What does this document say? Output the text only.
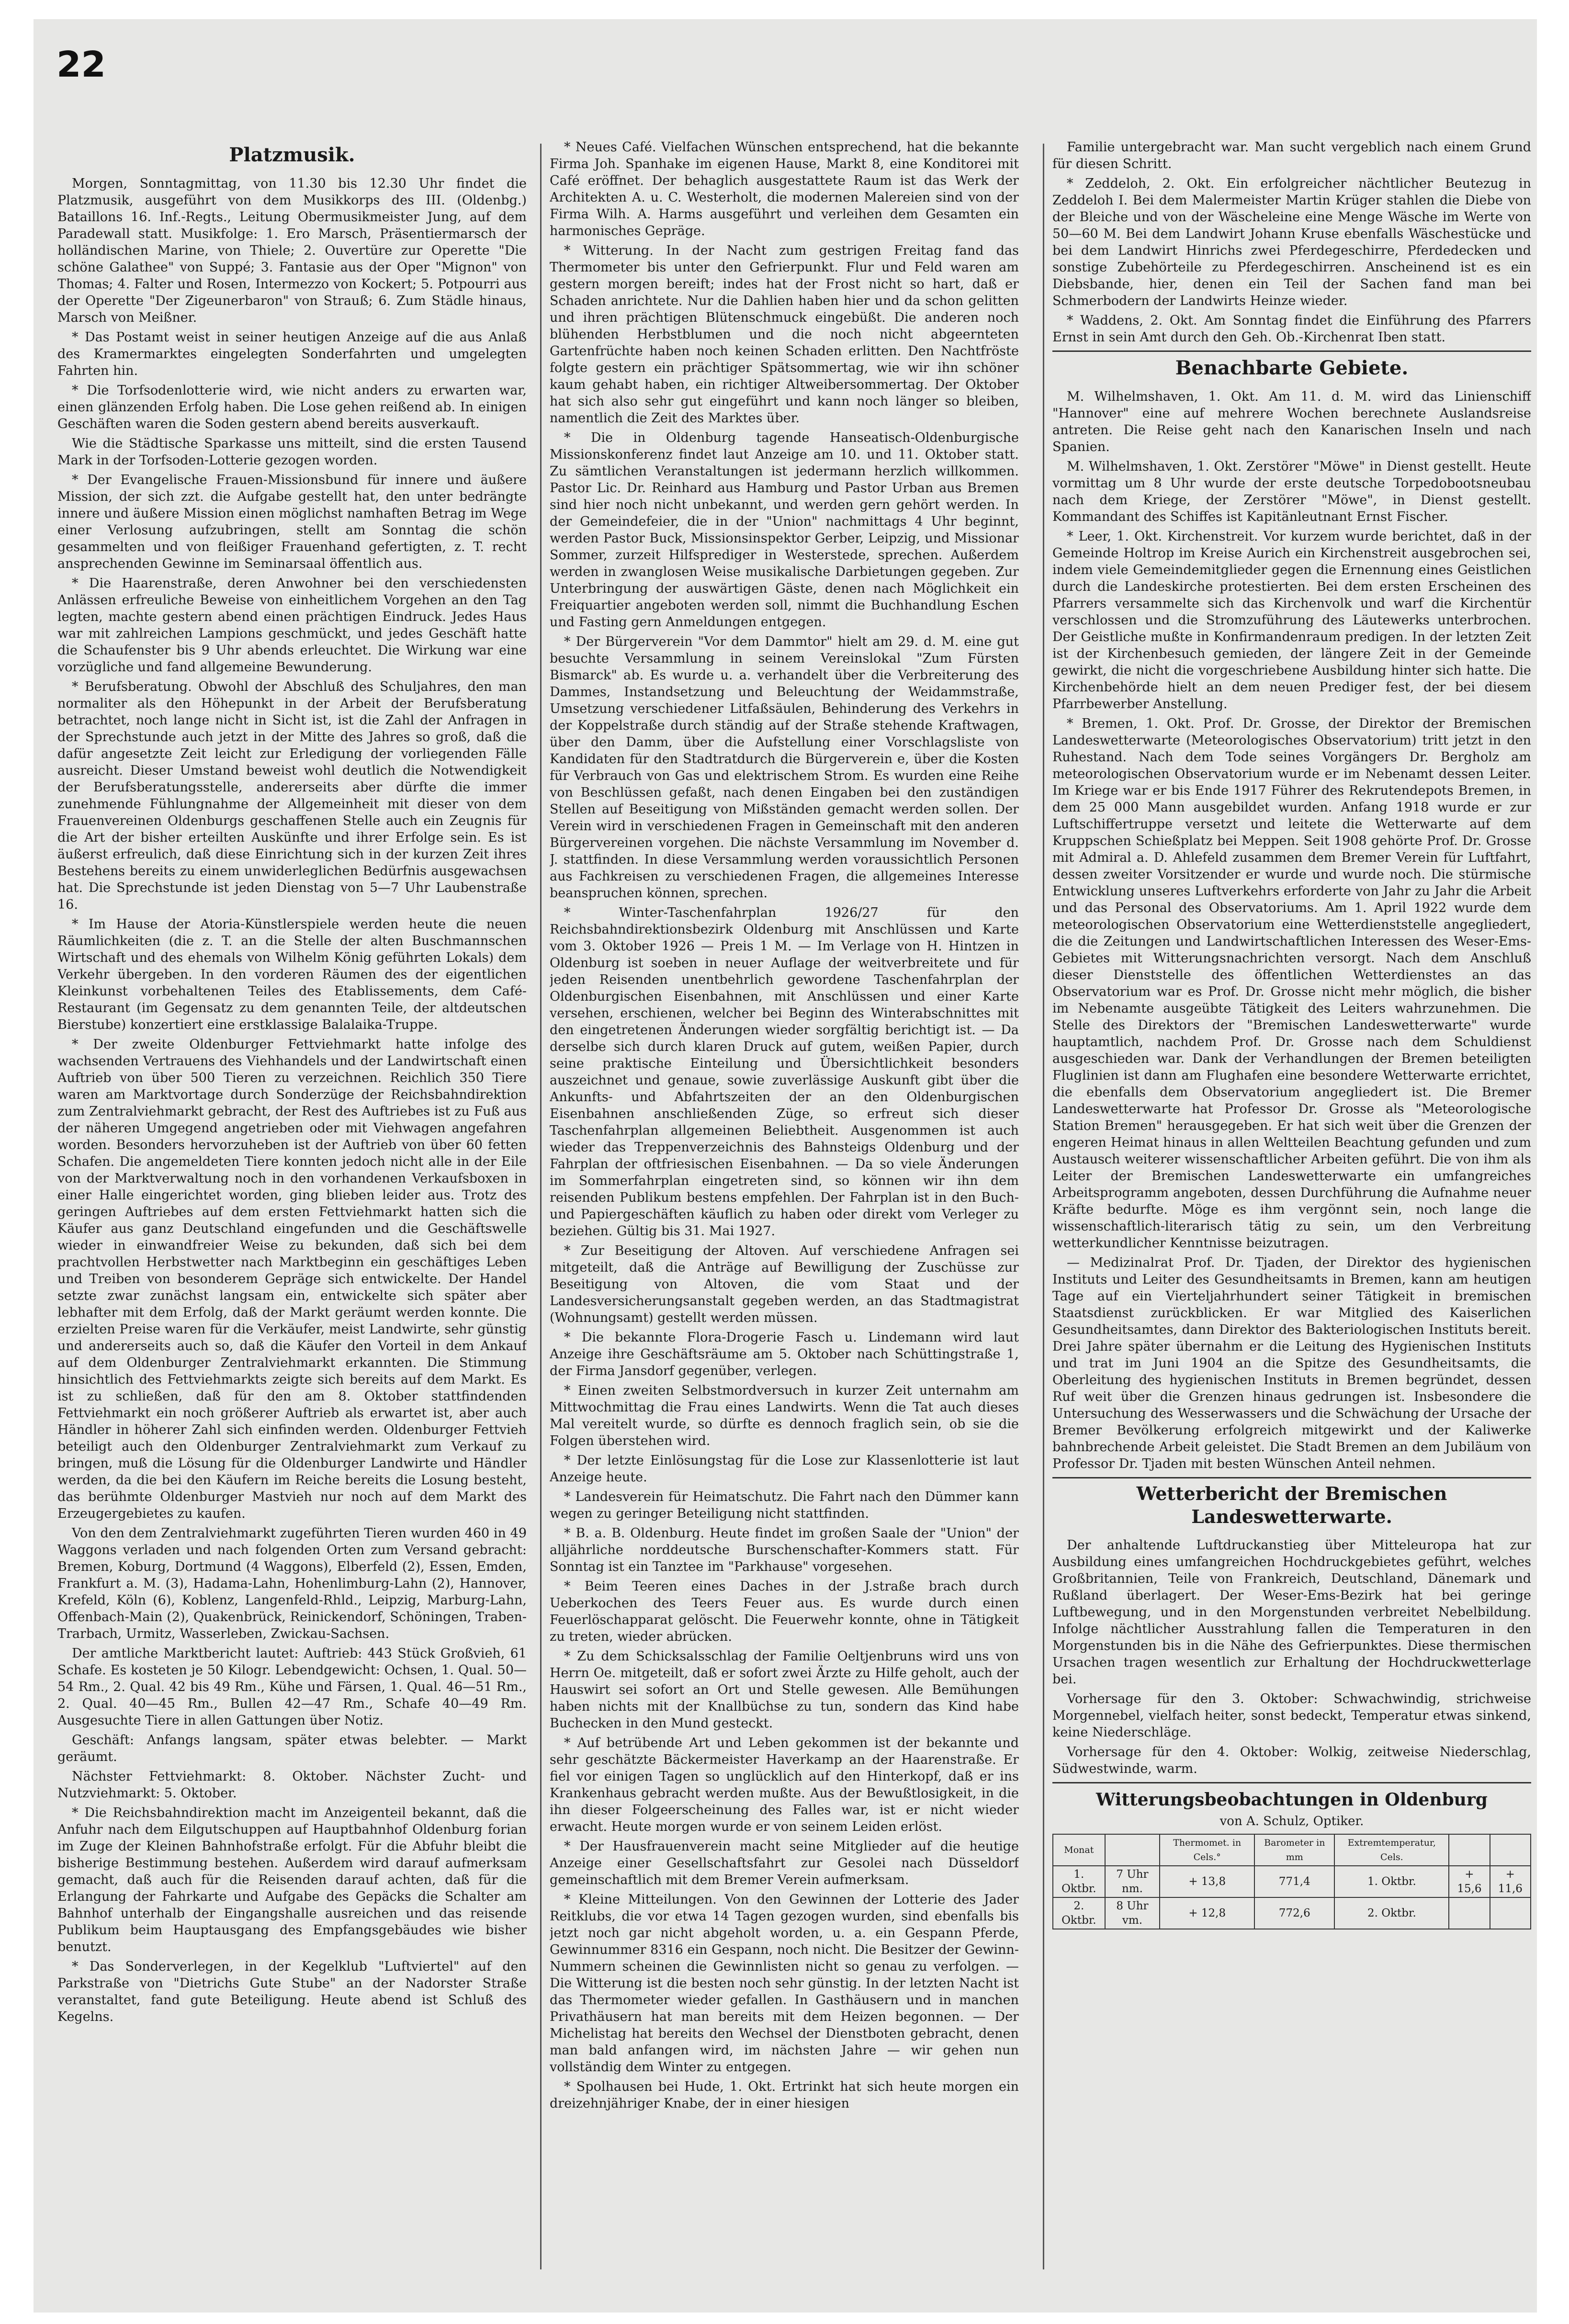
22
Platzmusik.

Morgen, Sonntagmittag, von 11.30 bis 12.30 Uhr findet die Platzmusik, ausgeführt von dem Musikkorps des III. (Oldenbg.) Bataillons 16. Inf.-Regts., Leitung Obermusikmeister Jung, auf dem Paradewall statt. Musikfolge: 1. Ero Marsch, Präsentiermarsch der holländischen Marine, von Thiele; 2. Ouvertüre zur Operette "Die schöne Galathee" von Suppé; 3. Fantasie aus der Oper "Mignon" von Thomas; 4. Falter und Rosen, Intermezzo von Kockert; 5. Potpourri aus der Operette "Der Zigeunerbaron" von Strauß; 6. Zum Städle hinaus, Marsch von Meißner.

* Das Postamt weist in seiner heutigen Anzeige auf die aus Anlaß des Kramermarktes eingelegten Sonderfahrten und umgelegten Fahrten hin.

* Die Torfsodenlotterie wird, wie nicht anders zu erwarten war, einen glänzenden Erfolg haben. Die Lose gehen reißend ab. In einigen Geschäften waren die Soden gestern abend bereits ausverkauft.

Wie die Städtische Sparkasse uns mitteilt, sind die ersten Tausend Mark in der Torfsoden-Lotterie gezogen worden.

* Der Evangelische Frauen-Missionsbund für innere und äußere Mission, der sich zzt. die Aufgabe gestellt hat, den unter bedrängte innere und äußere Mission einen möglichst namhaften Betrag im Wege einer Verlosung aufzubringen, stellt am Sonntag die schön gesammelten und von fleißiger Frauenhand gefertigten, z. T. recht ansprechenden Gewinne im Seminarsaal öffentlich aus.

* Die Haarenstraße, deren Anwohner bei den verschiedensten Anlässen erfreuliche Beweise von einheitlichem Vorgehen an den Tag legten, machte gestern abend einen prächtigen Eindruck. Jedes Haus war mit zahlreichen Lampions geschmückt, und jedes Geschäft hatte die Schaufenster bis 9 Uhr abends erleuchtet. Die Wirkung war eine vorzügliche und fand allgemeine Bewunderung.

* Berufsberatung. Obwohl der Abschluß des Schuljahres, den man normaliter als den Höhepunkt in der Arbeit der Berufsberatung betrachtet, noch lange nicht in Sicht ist, ist die Zahl der Anfragen in der Sprechstunde auch jetzt in der Mitte des Jahres so groß, daß die dafür angesetzte Zeit leicht zur Erledigung der vorliegenden Fälle ausreicht. Dieser Umstand beweist wohl deutlich die Notwendigkeit der Berufsberatungsstelle, andererseits aber dürfte die immer zunehmende Fühlungnahme der Allgemeinheit mit dieser von dem Frauenvereinen Oldenburgs geschaffenen Stelle auch ein Zeugnis für die Art der bisher erteilten Auskünfte und ihrer Erfolge sein. Es ist äußerst erfreulich, daß diese Einrichtung sich in der kurzen Zeit ihres Bestehens bereits zu einem unwiderleglichen Bedürfnis ausgewachsen hat. Die Sprechstunde ist jeden Dienstag von 5—7 Uhr Laubenstraße 16.

* Im Hause der Atoria-Künstlerspiele werden heute die neuen Räumlichkeiten (die z. T. an die Stelle der alten Buschmannschen Wirtschaft und des ehemals von Wilhelm König geführten Lokals) dem Verkehr übergeben. In den vorderen Räumen des der eigentlichen Kleinkunst vorbehaltenen Teiles des Etablissements, dem Café-Restaurant (im Gegensatz zu dem genannten Teile, der altdeutschen Bierstube) konzertiert eine erstklassige Balalaika-Truppe.

* Der zweite Oldenburger Fettviehmarkt hatte infolge des wachsenden Vertrauens des Viehhandels und der Landwirtschaft einen Auftrieb von über 500 Tieren zu verzeichnen. Reichlich 350 Tiere waren am Marktvortage durch Sonderzüge der Reichsbahndirektion zum Zentralviehmarkt gebracht, der Rest des Auftriebes ist zu Fuß aus der näheren Umgegend angetrieben oder mit Viehwagen angefahren worden. Besonders hervorzuheben ist der Auftrieb von über 60 fetten Schafen. Die angemeldeten Tiere konnten jedoch nicht alle in der Eile von der Marktverwaltung noch in den vorhandenen Verkaufsboxen in einer Halle eingerichtet worden, ging blieben leider aus. Trotz des geringen Auftriebes auf dem ersten Fettviehmarkt hatten sich die Käufer aus ganz Deutschland eingefunden und die Geschäftswelle wieder in einwandfreier Weise zu bekunden, daß sich bei dem prachtvollen Herbstwetter nach Marktbeginn ein geschäftiges Leben und Treiben von besonderem Gepräge sich entwickelte. Der Handel setzte zwar zunächst langsam ein, entwickelte sich später aber lebhafter mit dem Erfolg, daß der Markt geräumt werden konnte. Die erzielten Preise waren für die Verkäufer, meist Landwirte, sehr günstig und andererseits auch so, daß die Käufer den Vorteil in dem Ankauf auf dem Oldenburger Zentralviehmarkt erkannten. Die Stimmung hinsichtlich des Fettviehmarkts zeigte sich bereits auf dem Markt. Es ist zu schließen, daß für den am 8. Oktober stattfindenden Fettviehmarkt ein noch größerer Auftrieb als erwartet ist, aber auch Händler in höherer Zahl sich einfinden werden. Oldenburger Fettvieh beteiligt auch den Oldenburger Zentralviehmarkt zum Verkauf zu bringen, muß die Lösung für die Oldenburger Landwirte und Händler werden, da die bei den Käufern im Reiche bereits die Losung besteht, das berühmte Oldenburger Mastvieh nur noch auf dem Markt des Erzeugergebietes zu kaufen.

Von den dem Zentralviehmarkt zugeführten Tieren wurden 460 in 49 Waggons verladen und nach folgenden Orten zum Versand gebracht: Bremen, Koburg, Dortmund (4 Waggons), Elberfeld (2), Essen, Emden, Frankfurt a. M. (3), Hadama-Lahn, Hohenlimburg-Lahn (2), Hannover, Krefeld, Köln (6), Koblenz, Langenfeld-Rhld., Leipzig, Marburg-Lahn, Offenbach-Main (2), Quakenbrück, Reinickendorf, Schöningen, Traben-Trarbach, Urmitz, Wasserleben, Zwickau-Sachsen.

Der amtliche Marktbericht lautet: Auftrieb: 443 Stück Großvieh, 61 Schafe. Es kosteten je 50 Kilogr. Lebendgewicht: Ochsen, 1. Qual. 50—54 Rm., 2. Qual. 42 bis 49 Rm., Kühe und Färsen, 1. Qual. 46—51 Rm., 2. Qual. 40—45 Rm., Bullen 42—47 Rm., Schafe 40—49 Rm. Ausgesuchte Tiere in allen Gattungen über Notiz.

Geschäft: Anfangs langsam, später etwas belebter. — Markt geräumt.

Nächster Fettviehmarkt: 8. Oktober. Nächster Zucht- und Nutzviehmarkt: 5. Oktober.

* Die Reichsbahndirektion macht im Anzeigenteil bekannt, daß die Anfuhr nach dem Eilgutschuppen auf Hauptbahnhof Oldenburg forian im Zuge der Kleinen Bahnhofstraße erfolgt. Für die Abfuhr bleibt die bisherige Bestimmung bestehen. Außerdem wird darauf aufmerksam gemacht, daß auch für die Reisenden darauf achten, daß für die Erlangung der Fahrkarte und Aufgabe des Gepäcks die Schalter am Bahnhof unterhalb der Eingangshalle ausreichen und das reisende Publikum beim Hauptausgang des Empfangsgebäudes wie bisher benutzt.

* Das Sonderverlegen, in der Kegelklub "Luftviertel" auf den Parkstraße von "Dietrichs Gute Stube" an der Nadorster Straße veranstaltet, fand gute Beteiligung. Heute abend ist Schluß des Kegelns.

* Neues Café. Vielfachen Wünschen entsprechend, hat die bekannte Firma Joh. Spanhake im eigenen Hause, Markt 8, eine Konditorei mit Café eröffnet. Der behaglich ausgestattete Raum ist das Werk der Architekten A. u. C. Westerholt, die modernen Malereien sind von der Firma Wilh. A. Harms ausgeführt und verleihen dem Gesamten ein harmonisches Gepräge.

* Witterung. In der Nacht zum gestrigen Freitag fand das Thermometer bis unter den Gefrierpunkt. Flur und Feld waren am gestern morgen bereift; indes hat der Frost nicht so hart, daß er Schaden anrichtete. Nur die Dahlien haben hier und da schon gelitten und ihren prächtigen Blütenschmuck eingebüßt. Die anderen noch blühenden Herbstblumen und die noch nicht abgeernteten Gartenfrüchte haben noch keinen Schaden erlitten. Den Nachtfröste folgte gestern ein prächtiger Spätsommertag, wie wir ihn schöner kaum gehabt haben, ein richtiger Altweibersommertag. Der Oktober hat sich also sehr gut eingeführt und kann noch länger so bleiben, namentlich die Zeit des Marktes über.

* Die in Oldenburg tagende Hanseatisch-Oldenburgische Missionskonferenz findet laut Anzeige am 10. und 11. Oktober statt. Zu sämtlichen Veranstaltungen ist jedermann herzlich willkommen. Pastor Lic. Dr. Reinhard aus Hamburg und Pastor Urban aus Bremen sind hier noch nicht unbekannt, und werden gern gehört werden. In der Gemeindefeier, die in der "Union" nachmittags 4 Uhr beginnt, werden Pastor Buck, Missionsinspektor Gerber, Leipzig, und Missionar Sommer, zurzeit Hilfsprediger in Westerstede, sprechen. Außerdem werden in zwanglosen Weise musikalische Darbietungen gegeben. Zur Unterbringung der auswärtigen Gäste, denen nach Möglichkeit ein Freiquartier angeboten werden soll, nimmt die Buchhandlung Eschen und Fasting gern Anmeldungen entgegen.

* Der Bürgerverein "Vor dem Dammtor" hielt am 29. d. M. eine gut besuchte Versammlung in seinem Vereinslokal "Zum Fürsten Bismarck" ab. Es wurde u. a. verhandelt über die Verbreiterung des Dammes, Instandsetzung und Beleuchtung der Weidammstraße, Umsetzung verschiedener Litfaßsäulen, Behinderung des Verkehrs in der Koppelstraße durch ständig auf der Straße stehende Kraftwagen, über den Damm, über die Aufstellung einer Vorschlagsliste von Kandidaten für den Stadtratdurch die Bürgerverein e, über die Kosten für Verbrauch von Gas und elektrischem Strom. Es wurden eine Reihe von Beschlüssen gefaßt, nach denen Eingaben bei den zuständigen Stellen auf Beseitigung von Mißständen gemacht werden sollen. Der Verein wird in verschiedenen Fragen in Gemeinschaft mit den anderen Bürgervereinen vorgehen. Die nächste Versammlung im November d. J. stattfinden. In diese Versammlung werden voraussichtlich Personen aus Fachkreisen zu verschiedenen Fragen, die allgemeines Interesse beanspruchen können, sprechen.

* Winter-Taschenfahrplan 1926/27 für den Reichsbahndirektionsbezirk Oldenburg mit Anschlüssen und Karte vom 3. Oktober 1926 — Preis 1 M. — Im Verlage von H. Hintzen in Oldenburg ist soeben in neuer Auflage der weitverbreitete und für jeden Reisenden unentbehrlich gewordene Taschenfahrplan der Oldenburgischen Eisenbahnen, mit Anschlüssen und einer Karte versehen, erschienen, welcher bei Beginn des Winterabschnittes mit den eingetretenen Änderungen wieder sorgfältig berichtigt ist. — Da derselbe sich durch klaren Druck auf gutem, weißen Papier, durch seine praktische Einteilung und Übersichtlichkeit besonders auszeichnet und genaue, sowie zuverlässige Auskunft gibt über die Ankunfts- und Abfahrtszeiten der an den Oldenburgischen Eisenbahnen anschließenden Züge, so erfreut sich dieser Taschenfahrplan allgemeinen Beliebtheit. Ausgenommen ist auch wieder das Treppenverzeichnis des Bahnsteigs Oldenburg und der Fahrplan der oftfriesischen Eisenbahnen. — Da so viele Änderungen im Sommerfahrplan eingetreten sind, so können wir ihn dem reisenden Publikum bestens empfehlen. Der Fahrplan ist in den Buch- und Papiergeschäften käuflich zu haben oder direkt vom Verleger zu beziehen. Gültig bis 31. Mai 1927.

* Zur Beseitigung der Altoven. Auf verschiedene Anfragen sei mitgeteilt, daß die Anträge auf Bewilligung der Zuschüsse zur Beseitigung von Altoven, die vom Staat und der Landesversicherungsanstalt gegeben werden, an das Stadtmagistrat (Wohnungsamt) gestellt werden müssen.

* Die bekannte Flora-Drogerie Fasch u. Lindemann wird laut Anzeige ihre Geschäftsräume am 5. Oktober nach Schüttingstraße 1, der Firma Jansdorf gegenüber, verlegen.

* Einen zweiten Selbstmordversuch in kurzer Zeit unternahm am Mittwochmittag die Frau eines Landwirts. Wenn die Tat auch dieses Mal vereitelt wurde, so dürfte es dennoch fraglich sein, ob sie die Folgen überstehen wird.

* Der letzte Einlösungstag für die Lose zur Klassenlotterie ist laut Anzeige heute.

* Landesverein für Heimatschutz. Die Fahrt nach den Dümmer kann wegen zu geringer Beteiligung nicht stattfinden.

* B. a. B. Oldenburg. Heute findet im großen Saale der "Union" der alljährliche norddeutsche Burschenschafter-Kommers statt. Für Sonntag ist ein Tanztee im "Parkhause" vorgesehen.

* Beim Teeren eines Daches in der J.straße brach durch Ueberkochen des Teers Feuer aus. Es wurde durch einen Feuerlöschapparat gelöscht. Die Feuerwehr konnte, ohne in Tätigkeit zu treten, wieder abrücken.

* Zu dem Schicksalsschlag der Familie Oeltjenbruns wird uns von Herrn Oe. mitgeteilt, daß er sofort zwei Ärzte zu Hilfe geholt, auch der Hauswirt sei sofort an Ort und Stelle gewesen. Alle Bemühungen haben nichts mit der Knallbüchse zu tun, sondern das Kind habe Buchecken in den Mund gesteckt.

* Auf betrübende Art und Leben gekommen ist der bekannte und sehr geschätzte Bäckermeister Haverkamp an der Haarenstraße. Er fiel vor einigen Tagen so unglücklich auf den Hinterkopf, daß er ins Krankenhaus gebracht werden mußte. Aus der Bewußtlosigkeit, in die ihn dieser Folgeerscheinung des Falles war, ist er nicht wieder erwacht. Heute morgen wurde er von seinem Leiden erlöst.

* Der Hausfrauenverein macht seine Mitglieder auf die heutige Anzeige einer Gesellschaftsfahrt zur Gesolei nach Düsseldorf gemeinschaftlich mit dem Bremer Verein aufmerksam.

* Kleine Mitteilungen. Von den Gewinnen der Lotterie des Jader Reitklubs, die vor etwa 14 Tagen gezogen wurden, sind ebenfalls bis jetzt noch gar nicht abgeholt worden, u. a. ein Gespann Pferde, Gewinnummer 8316 ein Gespann, noch nicht. Die Besitzer der Gewinn-Nummern scheinen die Gewinnlisten nicht so genau zu verfolgen. — Die Witterung ist die besten noch sehr günstig. In der letzten Nacht ist das Thermometer wieder gefallen. In Gasthäusern und in manchen Privathäusern hat man bereits mit dem Heizen begonnen. — Der Michelistag hat bereits den Wechsel der Dienstboten gebracht, denen man bald anfangen wird, im nächsten Jahre — wir gehen nun vollständig dem Winter zu entgegen.

* Spolhausen bei Hude, 1. Okt. Ertrinkt hat sich heute morgen ein dreizehnjähriger Knabe, der in einer hiesigen

Familie untergebracht war. Man sucht vergeblich nach einem Grund für diesen Schritt.

* Zeddeloh, 2. Okt. Ein erfolgreicher nächtlicher Beutezug in Zeddeloh I. Bei dem Malermeister Martin Krüger stahlen die Diebe von der Bleiche und von der Wäscheleine eine Menge Wäsche im Werte von 50—60 M. Bei dem Landwirt Johann Kruse ebenfalls Wäschestücke und bei dem Landwirt Hinrichs zwei Pferdegeschirre, Pferdedecken und sonstige Zubehörteile zu Pferdegeschirren. Anscheinend ist es ein Diebsbande, hier, denen ein Teil der Sachen fand man bei Schmerbodern der Landwirts Heinze wieder.

* Waddens, 2. Okt. Am Sonntag findet die Einführung des Pfarrers Ernst in sein Amt durch den Geh. Ob.-Kirchenrat Iben statt.

Benachbarte Gebiete.

M. Wilhelmshaven, 1. Okt. Am 11. d. M. wird das Linienschiff "Hannover" eine auf mehrere Wochen berechnete Auslandsreise antreten. Die Reise geht nach den Kanarischen Inseln und nach Spanien.

M. Wilhelmshaven, 1. Okt. Zerstörer "Möwe" in Dienst gestellt. Heute vormittag um 8 Uhr wurde der erste deutsche Torpedobootsneubau nach dem Kriege, der Zerstörer "Möwe", in Dienst gestellt. Kommandant des Schiffes ist Kapitänleutnant Ernst Fischer.

* Leer, 1. Okt. Kirchenstreit. Vor kurzem wurde berichtet, daß in der Gemeinde Holtrop im Kreise Aurich ein Kirchenstreit ausgebrochen sei, indem viele Gemeindemitglieder gegen die Ernennung eines Geistlichen durch die Landeskirche protestierten. Bei dem ersten Erscheinen des Pfarrers versammelte sich das Kirchenvolk und warf die Kirchentür verschlossen und die Stromzuführung des Läutewerks unterbrochen. Der Geistliche mußte in Konfirmandenraum predigen. In der letzten Zeit ist der Kirchenbesuch gemieden, der längere Zeit in der Gemeinde gewirkt, die nicht die vorgeschriebene Ausbildung hinter sich hatte. Die Kirchenbehörde hielt an dem neuen Prediger fest, der bei diesem Pfarrbewerber Anstellung.

* Bremen, 1. Okt. Prof. Dr. Grosse, der Direktor der Bremischen Landeswetterwarte (Meteorologisches Observatorium) tritt jetzt in den Ruhestand. Nach dem Tode seines Vorgängers Dr. Bergholz am meteorologischen Observatorium wurde er im Nebenamt dessen Leiter. Im Kriege war er bis Ende 1917 Führer des Rekrutendepots Bremen, in dem 25 000 Mann ausgebildet wurden. Anfang 1918 wurde er zur Luftschiffertruppe versetzt und leitete die Wetterwarte auf dem Kruppschen Schießplatz bei Meppen. Seit 1908 gehörte Prof. Dr. Grosse mit Admiral a. D. Ahlefeld zusammen dem Bremer Verein für Luftfahrt, dessen zweiter Vorsitzender er wurde und wurde noch. Die stürmische Entwicklung unseres Luftverkehrs erforderte von Jahr zu Jahr die Arbeit und das Personal des Observatoriums. Am 1. April 1922 wurde dem meteorologischen Observatorium eine Wetterdienststelle angegliedert, die die Zeitungen und Landwirtschaftlichen Interessen des Weser-Ems-Gebietes mit Witterungsnachrichten versorgt. Nach dem Anschluß dieser Dienststelle des öffentlichen Wetterdienstes an das Observatorium war es Prof. Dr. Grosse nicht mehr möglich, die bisher im Nebenamte ausgeübte Tätigkeit des Leiters wahrzunehmen. Die Stelle des Direktors der "Bremischen Landeswetterwarte" wurde hauptamtlich, nachdem Prof. Dr. Grosse nach dem Schuldienst ausgeschieden war. Dank der Verhandlungen der Bremen beteiligten Fluglinien ist dann am Flughafen eine besondere Wetterwarte errichtet, die ebenfalls dem Observatorium angegliedert ist. Die Bremer Landeswetterwarte hat Professor Dr. Grosse als "Meteorologische Station Bremen" herausgegeben. Er hat sich weit über die Grenzen der engeren Heimat hinaus in allen Weltteilen Beachtung gefunden und zum Austausch weiterer wissenschaftlicher Arbeiten geführt. Die von ihm als Leiter der Bremischen Landeswetterwarte ein umfangreiches Arbeitsprogramm angeboten, dessen Durchführung die Aufnahme neuer Kräfte bedurfte. Möge es ihm vergönnt sein, noch lange die wissenschaftlich-literarisch tätig zu sein, um den Verbreitung wetterkundlicher Kenntnisse beizutragen.

— Medizinalrat Prof. Dr. Tjaden, der Direktor des hygienischen Instituts und Leiter des Gesundheitsamts in Bremen, kann am heutigen Tage auf ein Vierteljahrhundert seiner Tätigkeit in bremischen Staatsdienst zurückblicken. Er war Mitglied des Kaiserlichen Gesundheitsamtes, dann Direktor des Bakteriologischen Instituts bereit. Drei Jahre später übernahm er die Leitung des Hygienischen Instituts und trat im Juni 1904 an die Spitze des Gesundheitsamts, die Oberleitung des hygienischen Instituts in Bremen begründet, dessen Ruf weit über die Grenzen hinaus gedrungen ist. Insbesondere die Untersuchung des Wesserwassers und die Schwächung der Ursache der Bremer Bevölkerung erfolgreich mitgewirkt und der Kaliwerke bahnbrechende Arbeit geleistet. Die Stadt Bremen an dem Jubiläum von Professor Dr. Tjaden mit besten Wünschen Anteil nehmen.

Wetterbericht der Bremischen Landeswetterwarte.

Der anhaltende Luftdruckanstieg über Mitteleuropa hat zur Ausbildung eines umfangreichen Hochdruckgebietes geführt, welches Großbritannien, Teile von Frankreich, Deutschland, Dänemark und Rußland überlagert. Der Weser-Ems-Bezirk hat bei geringe Luftbewegung, und in den Morgenstunden verbreitet Nebelbildung. Infolge nächtlicher Ausstrahlung fallen die Temperaturen in den Morgenstunden bis in die Nähe des Gefrierpunktes. Diese thermischen Ursachen tragen wesentlich zur Erhaltung der Hochdruckwetterlage bei.

Vorhersage für den 3. Oktober: Schwachwindig, strichweise Morgennebel, vielfach heiter, sonst bedeckt, Temperatur etwas sinkend, keine Niederschläge.

Vorhersage für den 4. Oktober: Wolkig, zeitweise Niederschlag, Südwestwinde, warm.

Witterungsbeobachtungen in Oldenburg

von A. Schulz, Optiker.

Monat		Thermomet. in Cels.°	Barometer in mm	Extremtemperatur, Cels.		
1. Oktbr.	7 Uhr nm.	+ 13,8	771,4	1. Oktbr.	+ 15,6	+ 11,6
2. Oktbr.	8 Uhr vm.	+ 12,8	772,6	2. Oktbr.		
